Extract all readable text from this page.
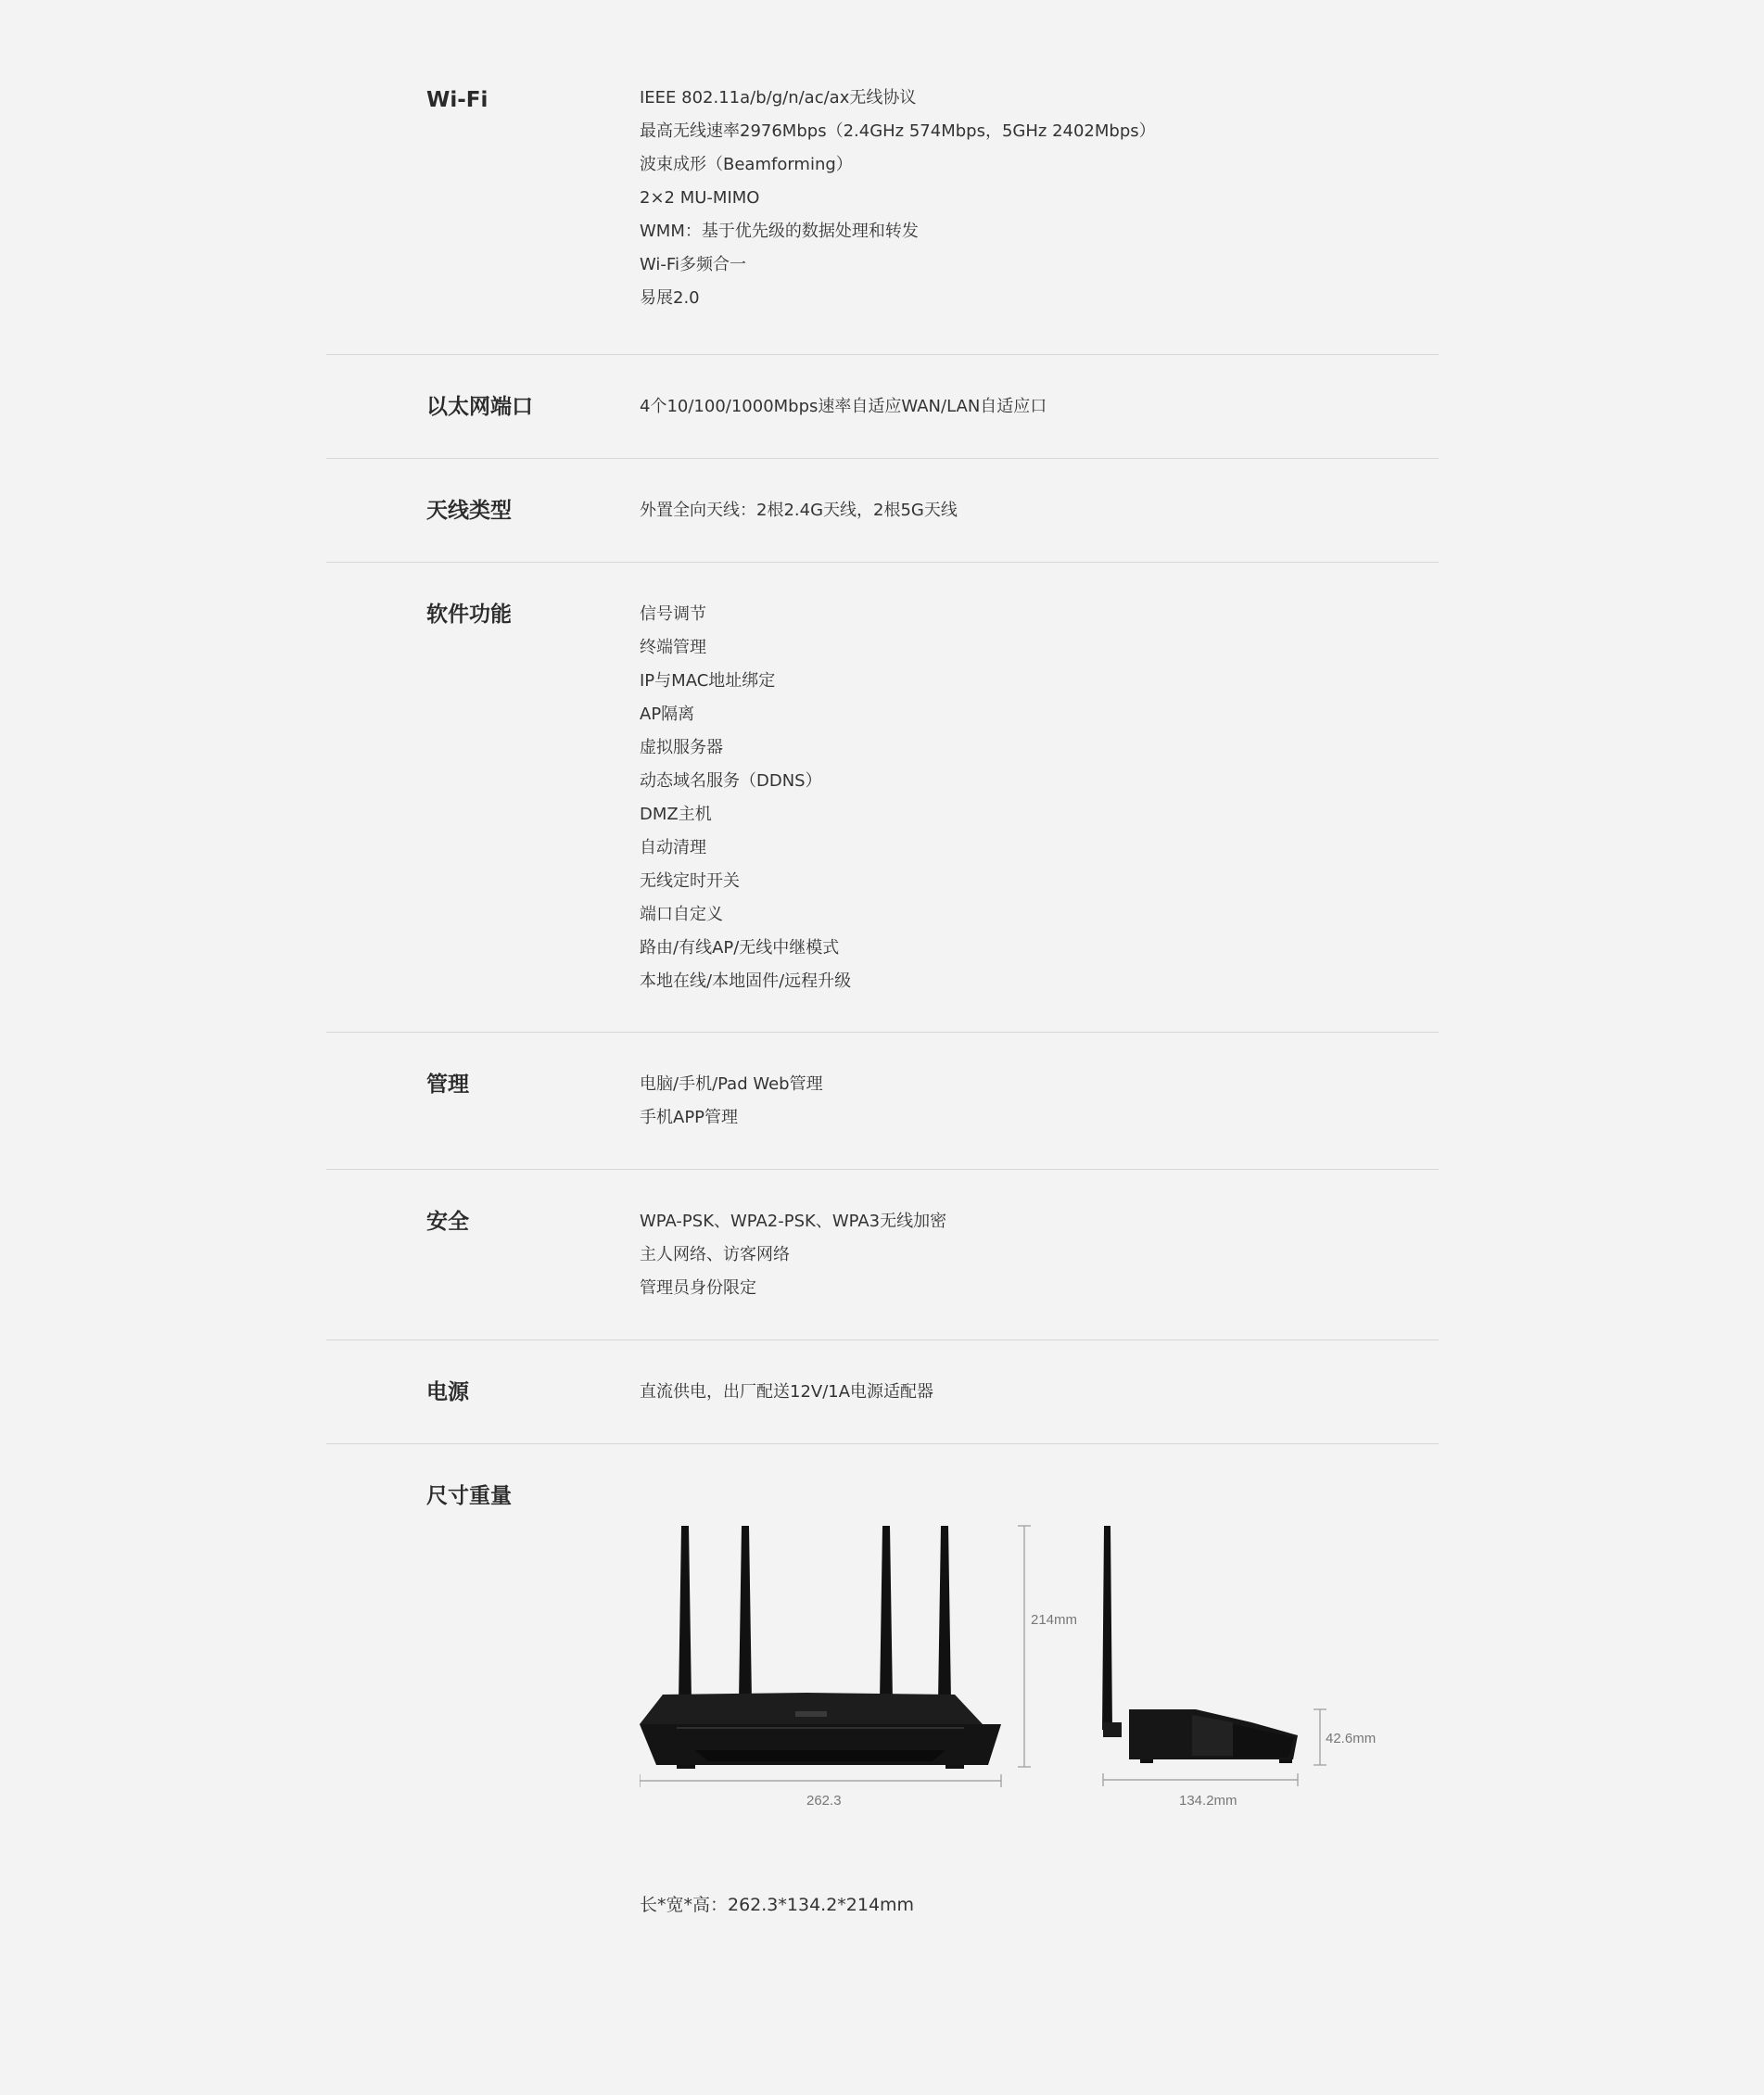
Wi-Fi	IEEE 802.11a/b/g/n/ac/ax无线协议
最高无线速率2976Mbps（2.4GHz 574Mbps，5GHz 2402Mbps）
波束成形（Beamforming）
2×2 MU-MIMO
WMM：基于优先级的数据处理和转发
Wi-Fi多频合一
易展2.0
以太网端口	4个10/100/1000Mbps速率自适应WAN/LAN自适应口
天线类型	外置全向天线：2根2.4G天线，2根5G天线
软件功能	信号调节
终端管理
IP与MAC地址绑定
AP隔离
虚拟服务器
动态域名服务（DDNS）
DMZ主机
自动清理
无线定时开关
端口自定义
路由/有线AP/无线中继模式
本地在线/本地固件/远程升级
管理	电脑/手机/Pad Web管理
手机APP管理
安全	WPA-PSK、WPA2-PSK、WPA3无线加密
主人网络、访客网络
管理员身份限定
电源	直流供电，出厂配送12V/1A电源适配器
尺寸重量
214mm
262.3
42.6mm
134.2mm
长*宽*高：262.3*134.2*214mm
